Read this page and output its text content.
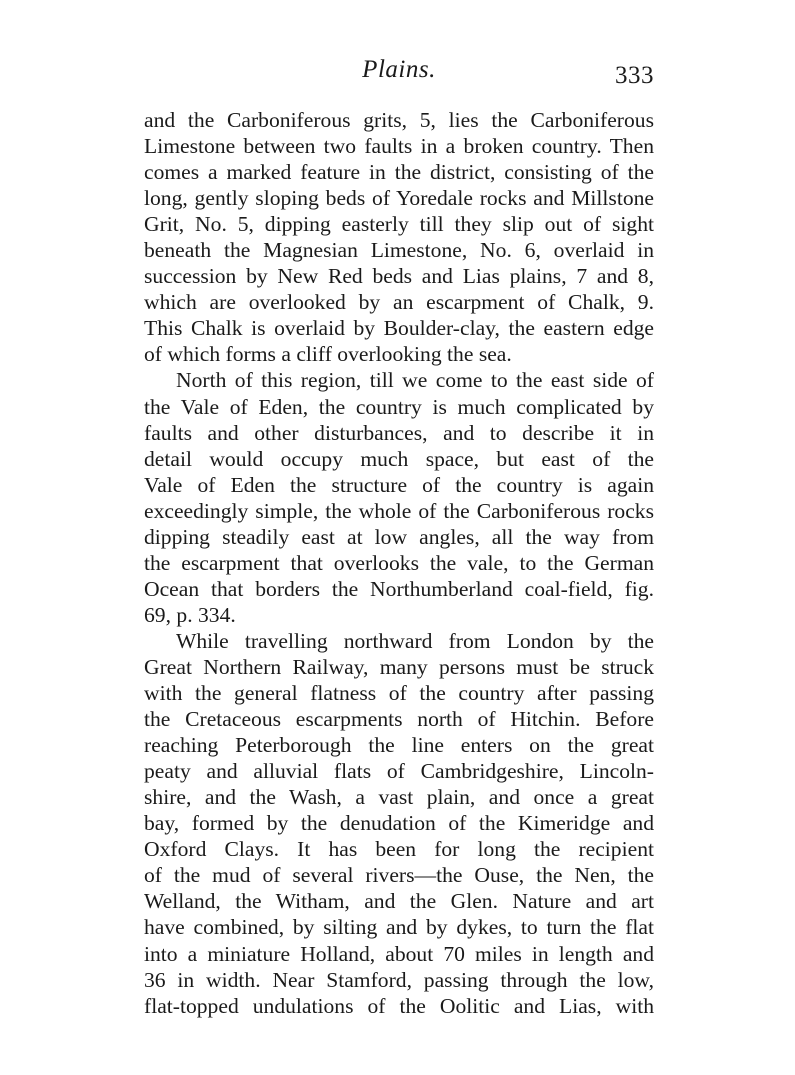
Plains.	333
and the Carboniferous grits, 5, lies the Carboniferous
Limestone between two faults in a broken country. Then
comes a marked feature in the district, consisting of the
long, gently sloping beds of Yoredale rocks and Millstone
Grit, No. 5, dipping easterly till they slip out of sight
beneath the Magnesian Limestone, No. 6, overlaid in
succession by New Red beds and Lias plains, 7 and 8,
which are overlooked by an escarpment of Chalk, 9.
This Chalk is overlaid by Boulder-clay, the eastern edge
of which forms a cliff overlooking the sea.
North of this region, till we come to the east side of
the Vale of Eden, the country is much complicated by
faults and other disturbances, and to describe it in
detail would occupy much space, but east of the
Vale of Eden the structure of the country is again
exceedingly simple, the whole of the Carboniferous rocks
dipping steadily east at low angles, all the way from
the escarpment that overlooks the vale, to the German
Ocean that borders the Northumberland coal-field, fig.
69, p. 334.
While travelling northward from London by the
Great Northern Railway, many persons must be struck
with the general flatness of the country after passing
the Cretaceous escarpments north of Hitchin. Before
reaching Peterborough the line enters on the great
peaty and alluvial flats of Cambridgeshire, Lincoln-
shire, and the Wash, a vast plain, and once a great
bay, formed by the denudation of the Kimeridge and
Oxford Clays. It has been for long the recipient
of the mud of several rivers—the Ouse, the Nen, the
Welland, the Witham, and the Glen. Nature and art
have combined, by silting and by dykes, to turn the flat
into a miniature Holland, about 70 miles in length and
36 in width. Near Stamford, passing through the low,
flat-topped undulations of the Oolitic and Lias, with
